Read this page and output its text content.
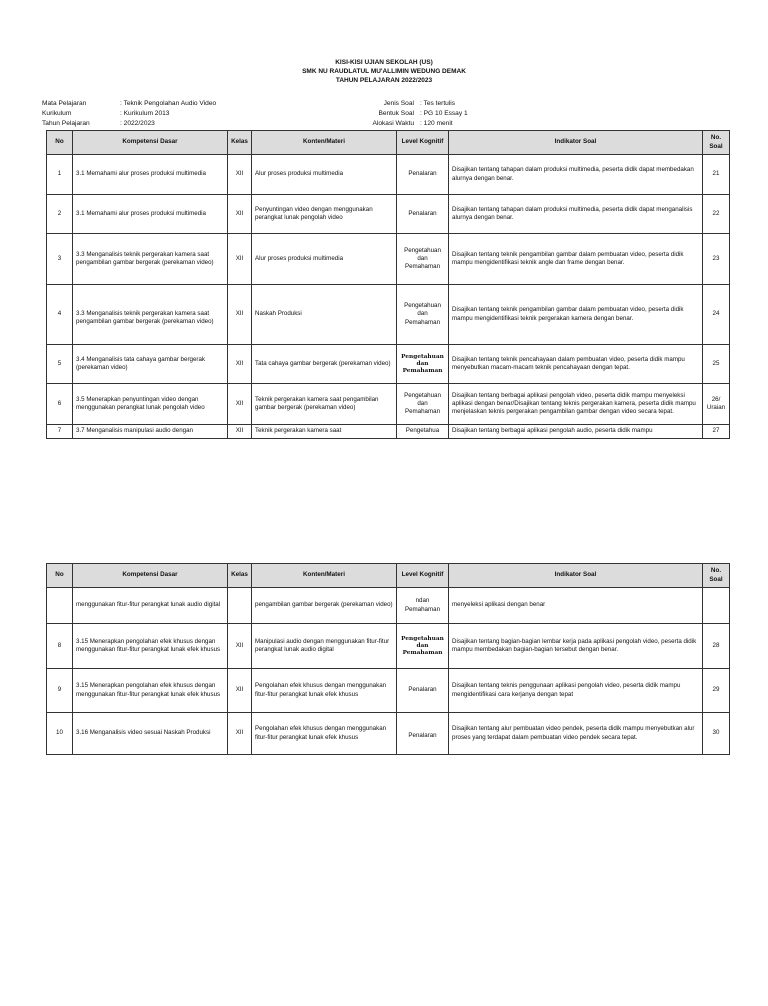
KISI-KISI UJIAN SEKOLAH (US)
SMK NU RAUDLATUL MU'ALLIMIN WEDUNG DEMAK
TAHUN PELAJARAN 2022/2023
Mata Pelajaran	: Teknik Pengolahan Audio Video
Kurikulum	: Kurikulum 2013
Tahun Pelajaran	: 2022/2023
Jenis Soal : Tes tertulis
Bentuk Soal : PG 10 Essay 1
Alokasi Waktu : 120 menit
No	Kompetensi Dasar	Kelas	Konten/Materi	Level Kognitif	Indikator Soal	No. Soal
1	3.1 Memahami alur proses produksi multimedia	XII	Alur proses produksi multimedia	Penalaran	Disajikan tentang tahapan dalam produksi multimedia, peserta didik dapat membedakan alurnya dengan benar.	21
2	3.1 Memahami alur proses produksi multimedia	XII	Penyuntingan video dengan menggunakan perangkat lunak pengolah video	Penalaran	Disajikan tentang tahapan dalam produksi multimedia, peserta didik dapat menganalisis alurnya dengan benar.	22
3	3.3 Menganalisis teknik pergerakan kamera saat pengambilan gambar bergerak (perekaman video)	XII	Alur proses produksi multimedia	Pengetahuan dan Pemahaman	Disajikan tentang teknik pengambilan gambar dalam pembuatan video, peserta didik mampu mengidentifikasi teknik angle dan frame dengan benar.	23
4	3.3 Menganalisis teknik pergerakan kamera saat pengambilan gambar bergerak (perekaman video)	XII	Naskah Produksi	Pengetahuan dan Pemahaman	Disajikan tentang teknik pengambilan gambar dalam pembuatan video, peserta didik mampu mengidentifikasi teknik pergerakan kamera dengan benar.	24
5	3.4 Menganalisis tata cahaya gambar bergerak (perekaman video)	XII	Tata cahaya gambar bergerak (perekaman video)	Pengetahuan dan Pemahaman	Disajikan tentang teknik pencahayaan dalam pembuatan video, peserta didik mampu menyebutkan macam-macam teknik pencahayaan dengan tepat.	25
6	3.5 Menerapkan penyuntingan video dengan menggunakan perangkat lunak pengolah video	XII	Teknik pergerakan kamera saat pengambilan gambar bergerak (perekaman video)	Pengetahuan dan Pemahaman	Disajikan tentang berbagai aplikasi pengolah video, peserta didik mampu menyeleksi aplikasi dengan benar/Disajikan tentang teknis pergerakan kamera, peserta didik mampu menjelaskan teknis pergerakan pengambilan gambar dengan video secara tepat.	26/ Uraian
7	3.7 Menganalisis manipulasi audio dengan	XII	Teknik pergerakan kamera saat	Pengetahua	Disajikan tentang berbagai aplikasi pengolah audio, peserta didik mampu	27
No	Kompetensi Dasar	Kelas	Konten/Materi	Level Kognitif	Indikator Soal	No. Soal
	menggunakan fitur-fitur perangkat lunak audio digital		pengambilan gambar bergerak (perekaman video)	ndan Pemahaman	menyeleksi aplikasi dengan benar	
8	3.15 Menerapkan pengolahan efek khusus dengan menggunakan fitur-fitur perangkat lunak efek khusus	XII	Manipulasi audio dengan menggunakan fitur-fitur perangkat lunak audio digital	Pengetahuan dan Pemahaman	Disajikan tentang bagian-bagian lembar kerja pada aplikasi pengolah video, peserta didik mampu membedakan bagian-bagian tersebut dengan benar.	28
9	3.15 Menerapkan pengolahan efek khusus dengan menggunakan fitur-fitur perangkat lunak efek khusus	XII	Pengolahan efek khusus dengan menggunakan fitur-fitur perangkat lunak efek khusus	Penalaran	Disajikan tentang teknis penggunaan aplikasi pengolah video, peserta didik mampu mengidentifikasi cara kerjanya dengan tepat	29
10	3.16 Menganalisis video sesuai Naskah Produksi	XII	Pengolahan efek khusus dengan menggunakan fitur-fitur perangkat lunak efek khusus	Penalaran	Disajikan tentang alur pembuatan video pendek, peserta didik mampu menyebutkan alur proses yang terdapat dalam pembuatan video pendek secara tepat.	30
